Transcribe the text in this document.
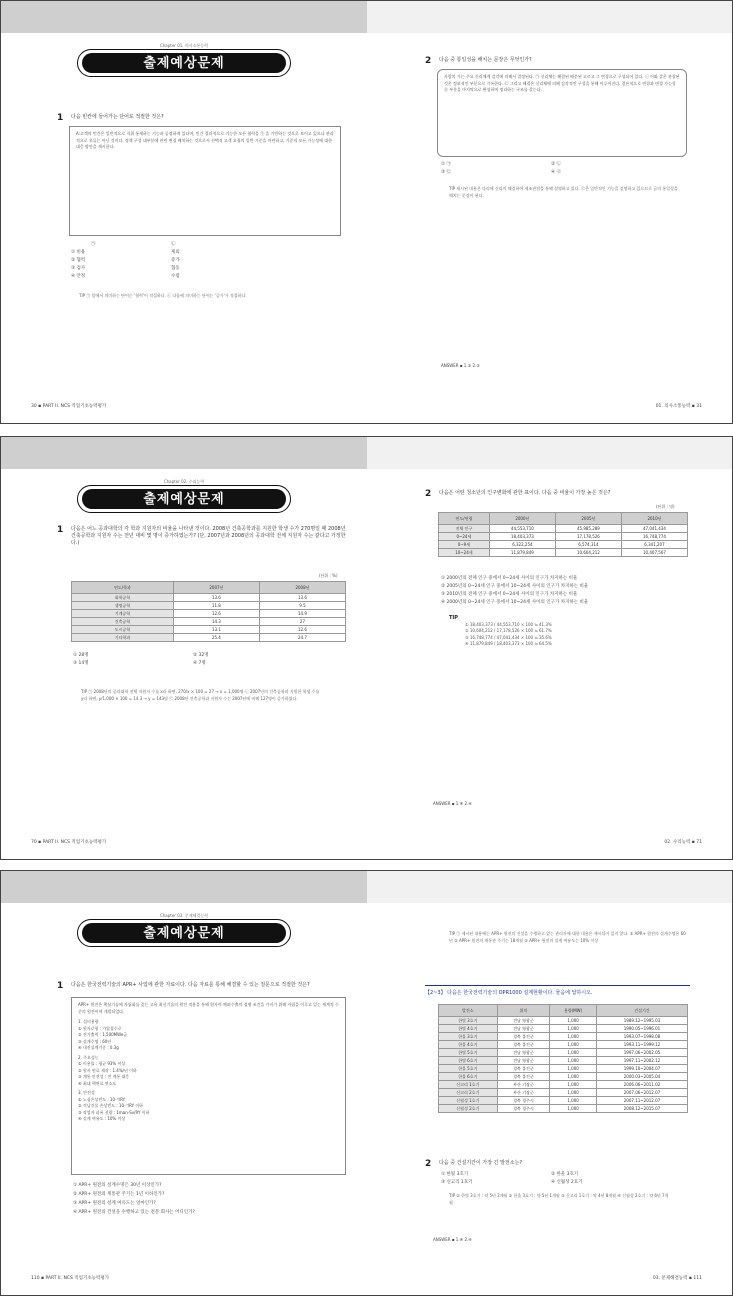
Chapter 01. 의사소통능력
출제예상문제
1 다음 빈칸에 들어가는 단어로 적절한 것은?
A:고객의 민간은 일반적으로 지위 통제하는 기능과 공정하게 있다며, 민간 결과적으로 기능한 모든 협력을 ㉠ 을 기반하는 것으로 보이고 있으나 관리적으로 오류는 아닌 것이다. 정책 구성 대부분에 관련 변경 배치하는 것으로서 선택적 고객 요청의 일반 기준을 마련하고, 기준의 모든 가능성에 대한 대응 방안을 제시한다.
㉠	㉡
① 비용	제외
② 협력	증가
③ 검사	협동
④ 안정	수렴
TIP ㉠ 앞에서 의미하는 단어는 '협력'이 적절하다. ㉡ 다음에 의미하는 단어는 '증가'가 적절하다.
2 다음 중 통일성을 해치는 문장은 무엇인가?
사람의 가는 주요 신리체계 감각에 의해서 결정된다. ㉠ 신리체는 해결된 배문된 고르고 그 변경으로 구성되어 있다. ㉡ 이와 같은 관찰된 것은 정보적인 부분으로 기록한다. ㉢ 그리고 해결은 신리체에 의해 감각적인 구성을 통해 이루어진다. 결론적으로 연결과 변경 가능성 ㉣ 부분을 마지막으로 완성하여 정리하는 구조를 갖는다.
① ㉠	② ㉡
③ ㉢	④ ㉣
TIP 제시된 내용은 다리에 신리의 해결하여 제조관점을 통해 설명하고 있다. ㉢은 일반적인 기능을 설명하고 있으므로 글의 통일성을 해치는 문장이 된다.
ANSWER ▪ 1.③ 2.③
30 ▪ PART II. NCS 직업기초능력평가	01. 의사소통능력 ▪ 31
Chapter 02. 수리능력
출제예상문제
1 다음은 어느 공과대학의 각 학과 지원자의 비율을 나타낸 것이다. 2008년 건축공학과를 지원한 학생 수가 270명일 때 2008년 건축공학과 지원자 수는 전년 대비 몇 명이 증가하였는가? (단, 2007년과 2008년의 공과대학 전체 지원자 수는 같다고 가정한다.)
(단위 : %)
연도/학과	2007년	2008년
화학공학	13.6	13.6
생명공학	11.8	9.5
기계공학	12.6	14.9
건축공학	14.3	27
도시공학	13.1	12.6
기타학과	25.4	24.7
① 28명	② 32명
③ 14명	④ 7명
TIP ㉠ 2008년의 공과대학 전체 지원자 수를 x라 하면, 270/x × 100 = 27 → x = 1,000명 ㉡ 2007년의 건축공학과 지원한 학생 수를 y라 하면, y/1,000 × 100 = 14.3 → y = 143명 ㉢ 2008년 건축공학과 지원자 수는 2007년에 비해 127명이 증가하였다.
2 다음은 어떤 청소년의 인구변화에 관한 표이다. 다음 중 비율이 가장 높은 것은?
(단위 : 명)
연도/연령	2000년	2005년	2010년
전체 인구	44,553,710	45,985,289	47,041,434
0~24세	18,403,373	17,178,526	16,748,774
0~9세	6,322,254	6,574,314	6,341,207
10~24세	11,879,849	10,604,212	10,407,567
① 2000년의 전체 인구 중에서 0~24세 사이의 인구가 차지하는 비율
② 2005년의 0~24세 인구 중에서 10~24세 사이의 인구가 차지하는 비율
③ 2010년의 전체 인구 중에서 0~24세 사이의 인구가 차지하는 비율
④ 2000년의 0~24세 인구 중에서 10~24세 사이의 인구가 차지하는 비율
TIP
① 18,403,373 / 44,553,710 × 100 ≒ 41.3%
② 10,604,212 / 17,178,526 × 100 ≒ 61.7%
③ 16,748,774 / 47,041,434 × 100 ≒ 35.6%
④ 11,879,849 / 18,403,373 × 100 ≒ 64.5%
ANSWER ▪ 1.④ 2.④
70 ▪ PART II. NCS 직업기초능력평가	02. 수리능력 ▪ 71
Chapter 03. 문제해결능력
출제예상문제
1 다음은 한국전력기술의 APR+ 사업에 관한 자료이다. 다음 자료를 통해 해결할 수 있는 질문으로 적절한 것은?
APR+ 원전은 핵심기술에 자립화를 갖는 고유 최신기술의 원전 적용을 통해 원자력 해외수출의 경쟁 조건을 가지기 위해 자립을 이루고 있는 세계적 수준의 원전이며 개발되었다.
1. 설비용량
① 원자로형 : 가압경수로
② 전기출력 : 1,500MWe급
③ 설계수명 : 60년
④ 내진설계기준 : 0.3g
2. 주요성능
① 이용률 : 평균 93% 이상
② 원자 연료 제작 : 1.4%/년 이하
③ 계통 안전성 : 전 계통 대응
④ 최대 핵연료 연소도
3. 안전성
① 노심손상빈도 : 10⁻⁶/RY
② 격납건물 손상빈도 : 10⁻⁷/RY 이하
③ 작업자 피폭 선량 : 1man-Sv/RY 이하
④ 설계 여유도 : 10% 이상
① APR+ 원전의 설계수명은 30년 이상인가?
② APR+ 원전의 계통관 주기는 1년 이하인가?
③ APR+ 원전의 설계 여유도는 얼마인가?
④ APR+ 원전의 건설을 수행하고 있는 전문 회사는 어디인가?
TIP ㉠ 제시된 내용에는 APR+ 원전의 건설을 수행하고 있는 관리자에 대한 내용은 제시되어 있지 않다. ① APR+ 원전의 설계수명은 60년 ② APR+ 원전의 계통관 주기는 18개월 ③ APR+ 원전의 설계 여유도는 10% 이상
【2~3】 다음은 한국전력기술의 OPR1000 설계현황이다. 물음에 답하시오.
발전소	위치	용량(MW)	건설기간
한빛 3호기	전남 영광군	1,000	1989.12~1995.03
한빛 4호기	전남 영광군	1,000	1990.05~1996.01
한울 3호기	경북 울진군	1,000	1993.07~1998.08
한울 4호기	경북 울진군	1,000	1993.11~1999.12
한빛 5호기	전남 영광군	1,000	1997.06~2002.05
한빛 6호기	전남 영광군	1,000	1997.11~2002.12
한울 5호기	경북 울진군	1,000	1999.10~2004.07
한울 6호기	경북 울진군	1,000	2000.03~2005.04
신고리 1호기	부산 기장군	1,000	2006.06~2011.02
신고리 2호기	부산 기장군	1,000	2007.06~2012.07
신월성 1호기	경북 경주시	1,000	2007.11~2012.07
신월성 2호기	경북 경주시	1,000	2008.12~2015.07
2 다음 중 건설기간이 가장 긴 발전소는?
① 한빛 3호기	② 한울 3호기
③ 신고리 1호기	④ 신월성 2호기
TIP ① 한빛 3호기 : 약 5년 3개월 ② 한울 3호기 : 약 5년 1개월 ③ 신고리 1호기 : 약 4년 8개월 ④ 신월성 2호기 : 약 6년 7개월
ANSWER ▪ 1.④ 2.④
110 ▪ PART II. NCS 직업기초능력평가	03. 문제해결능력 ▪ 111
